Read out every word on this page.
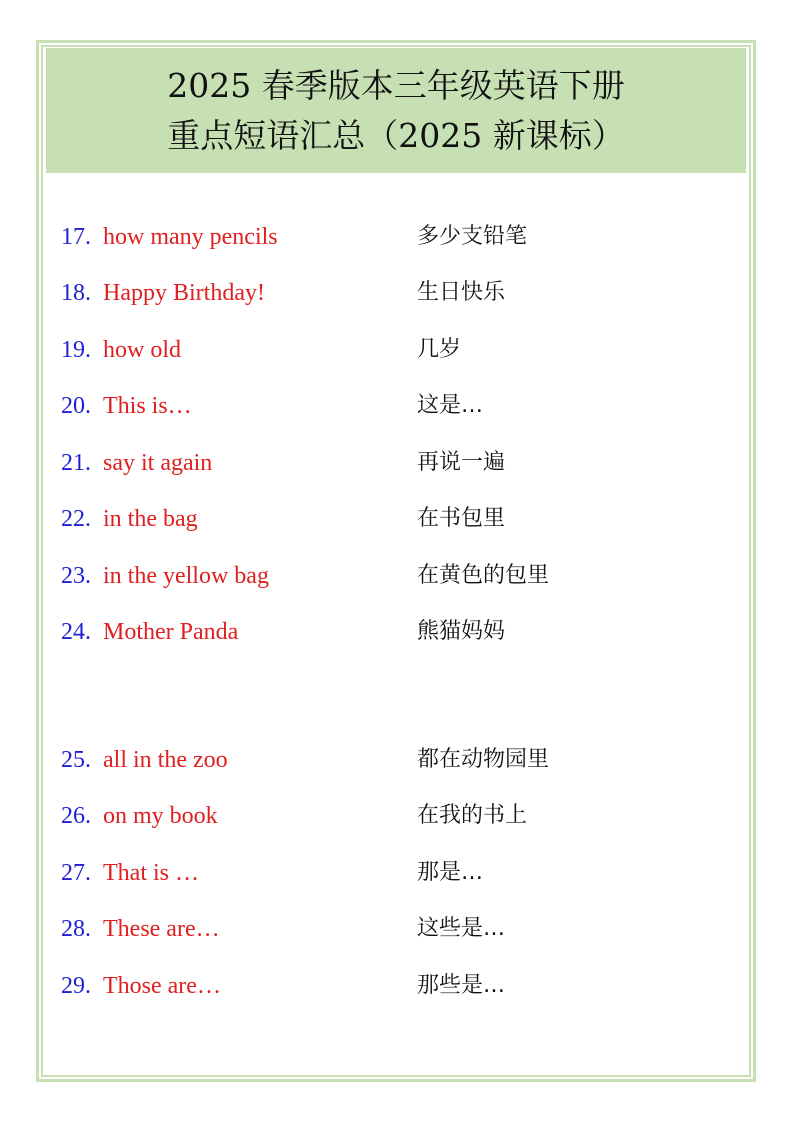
2025 春季版本三年级英语下册
重点短语汇总（2025 新课标）
17. how many pencils	多少支铅笔
18. Happy Birthday!	生日快乐
19. how old	几岁
20. This is…	这是…
21. say it again	再说一遍
22. in the bag	在书包里
23. in the yellow bag	在黄色的包里
24. Mother Panda	熊猫妈妈
25. all in the zoo	都在动物园里
26. on my book	在我的书上
27. That is …	那是…
28. These are…	这些是…
29. Those are…	那些是…
